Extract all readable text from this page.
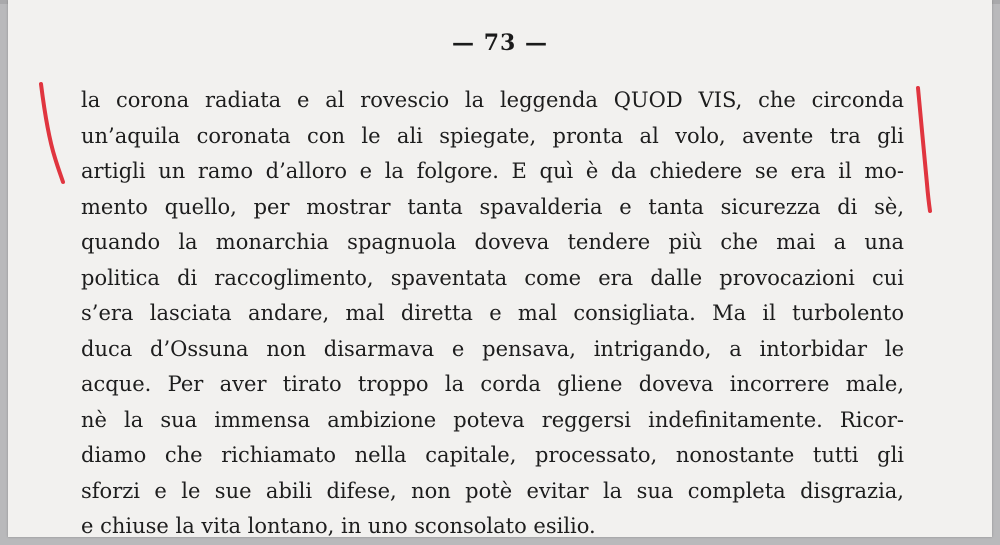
— 73 —
la corona radiata e al rovescio la leggenda QUOD VIS, che circonda
un’aquila coronata con le ali spiegate, pronta al volo, avente tra gli
artigli un ramo d’alloro e la folgore. E quì è da chiedere se era il mo-
mento quello, per mostrar tanta spavalderia e tanta sicurezza di sè,
quando la monarchia spagnuola doveva tendere più che mai a una
politica di raccoglimento, spaventata come era dalle provocazioni cui
s’era lasciata andare, mal diretta e mal consigliata. Ma il turbolento
duca d’Ossuna non disarmava e pensava, intrigando, a intorbidar le
acque. Per aver tirato troppo la corda gliene doveva incorrere male,
nè la sua immensa ambizione poteva reggersi indefinitamente. Ricor-
diamo che richiamato nella capitale, processato, nonostante tutti gli
sforzi e le sue abili difese, non potè evitar la sua completa disgrazia,
e chiuse la vita lontano, in uno sconsolato esilio.
